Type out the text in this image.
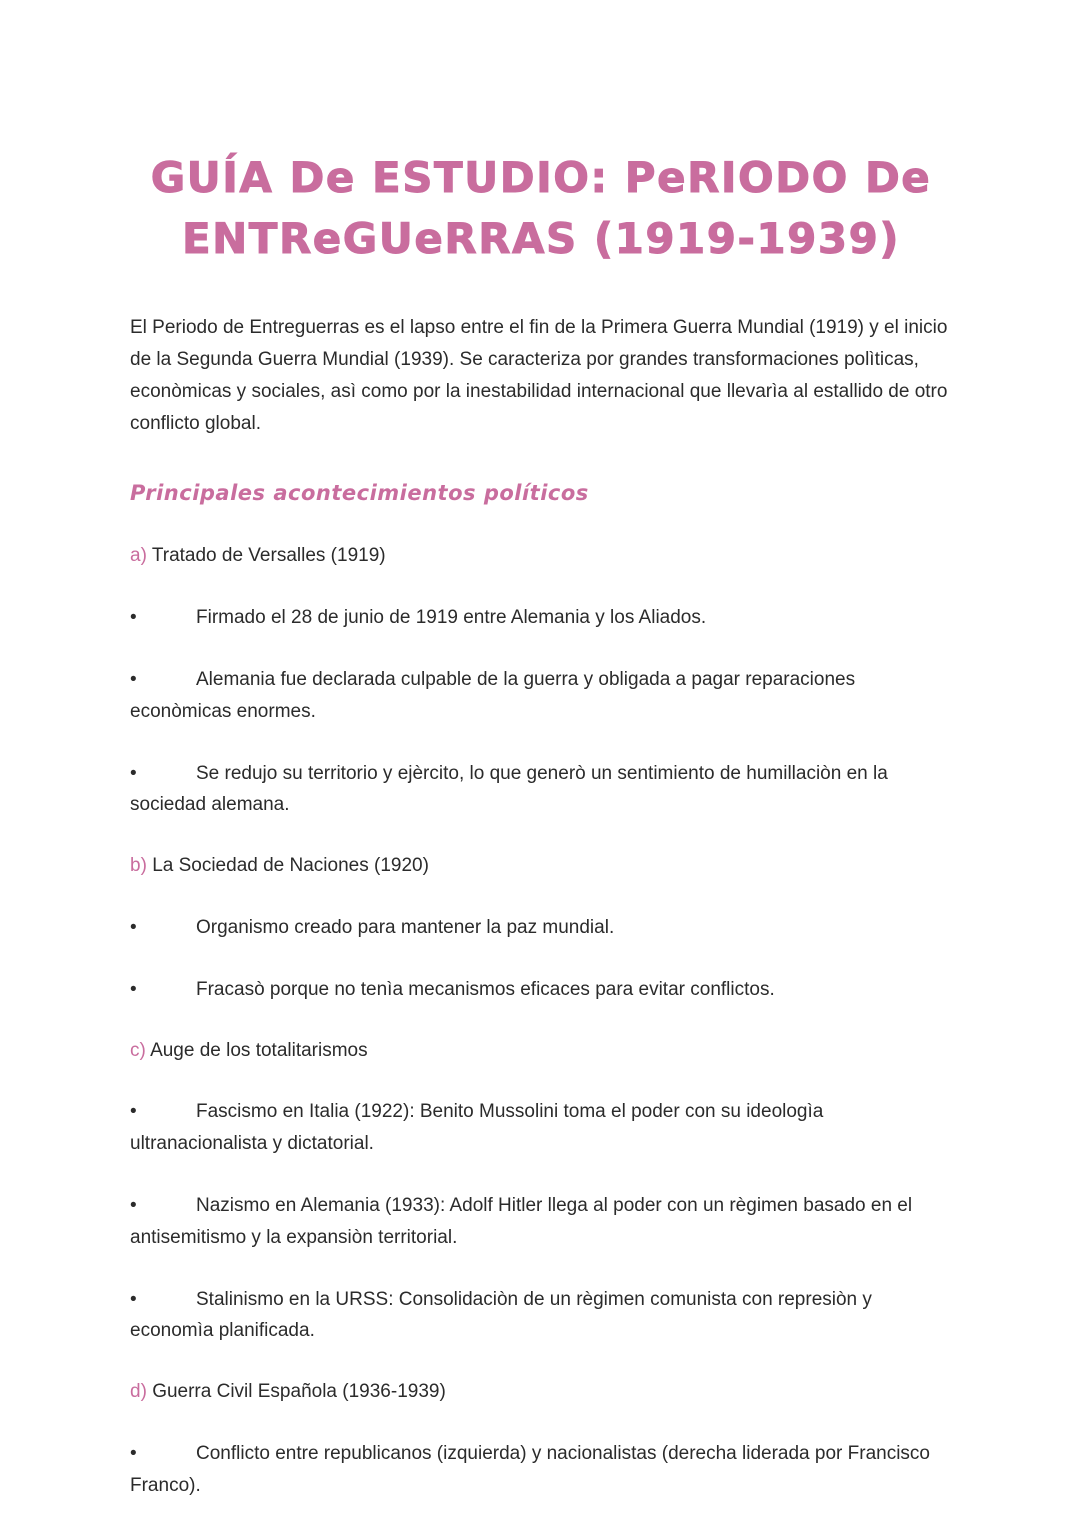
GUÍA De ESTUDIO: PeRIODO De
ENTReGUeRRAS (1919-1939)

El Periodo de Entreguerras es el lapso entre el fin de la Primera Guerra Mundial (1919) y el inicio de la Segunda Guerra Mundial (1939). Se caracteriza por grandes transformaciones polìticas, econòmicas y sociales, asì como por la inestabilidad internacional que llevarìa al estallido de otro conflicto global.

Principales acontecimientos políticos

a) Tratado de Versalles (1919)

•	Firmado el 28 de junio de 1919 entre Alemania y los Aliados.

•	Alemania fue declarada culpable de la guerra y obligada a pagar reparaciones econòmicas enormes.

•	Se redujo su territorio y ejèrcito, lo que generò un sentimiento de humillaciòn en la sociedad alemana.

b) La Sociedad de Naciones (1920)

•	Organismo creado para mantener la paz mundial.

•	Fracasò porque no tenìa mecanismos eficaces para evitar conflictos.

c) Auge de los totalitarismos

•	Fascismo en Italia (1922): Benito Mussolini toma el poder con su ideologìa ultranacionalista y dictatorial.

•	Nazismo en Alemania (1933): Adolf Hitler llega al poder con un règimen basado en el antisemitismo y la expansiòn territorial.

•	Stalinismo en la URSS: Consolidaciòn de un règimen comunista con represiòn y economìa planificada.

d) Guerra Civil Española (1936-1939)

•	Conflicto entre republicanos (izquierda) y nacionalistas (derecha liderada por Francisco Franco).
